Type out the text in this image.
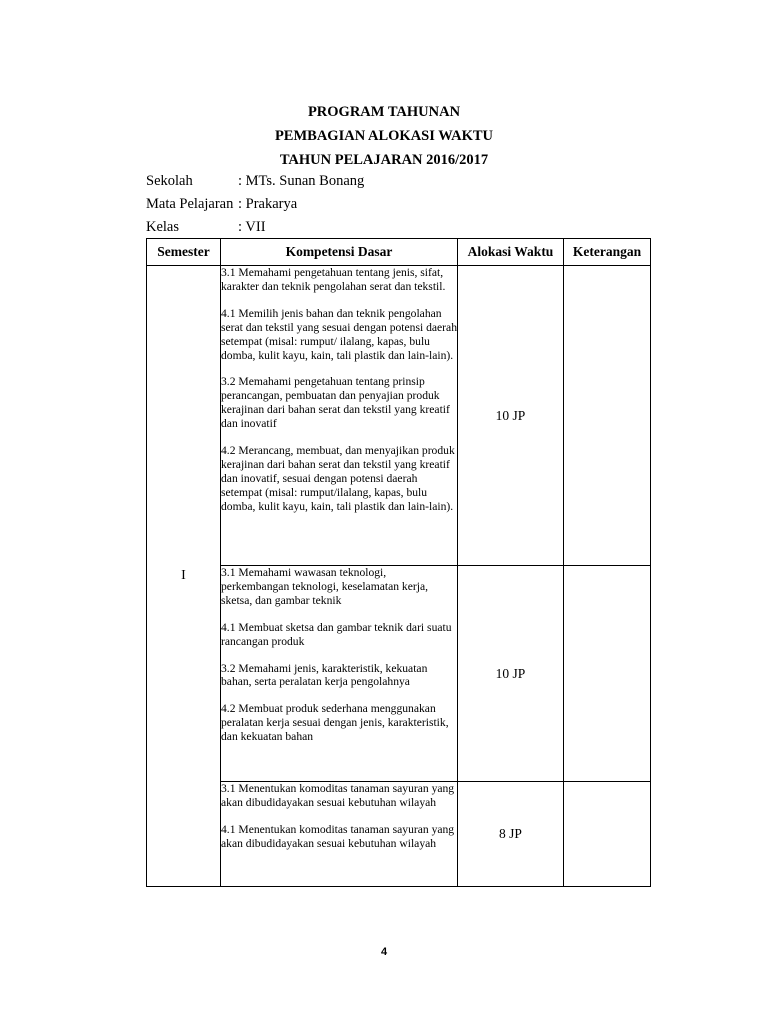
PROGRAM TAHUNAN
PEMBAGIAN ALOKASI WAKTU
TAHUN PELAJARAN 2016/2017
Sekolah	: MTs. Sunan Bonang
Mata Pelajaran : Prakarya
Kelas	: VII
Semester	Kompetensi Dasar	Alokasi Waktu	Keterangan
I	3.1 Memahami pengetahuan tentang jenis, sifat, karakter dan teknik pengolahan serat dan tekstil.

4.1 Memilih jenis bahan dan teknik pengolahan serat dan tekstil yang sesuai dengan potensi daerah setempat (misal: rumput/ ilalang, kapas, bulu domba, kulit kayu, kain, tali plastik dan lain-lain).

3.2 Memahami pengetahuan tentang prinsip perancangan, pembuatan dan penyajian produk kerajinan dari bahan serat dan tekstil yang kreatif dan inovatif

4.2 Merancang, membuat, dan menyajikan produk kerajinan dari bahan serat dan tekstil yang kreatif dan inovatif, sesuai dengan potensi daerah setempat (misal: rumput/ilalang, kapas, bulu domba, kulit kayu, kain, tali plastik dan lain-lain).	10 JP	

	3.1 Memahami wawasan teknologi, perkembangan teknologi, keselamatan kerja, sketsa, dan gambar teknik

4.1 Membuat sketsa dan gambar teknik dari suatu rancangan produk

3.2 Memahami jenis, karakteristik, kekuatan bahan, serta peralatan kerja pengolahnya

4.2 Membuat produk sederhana menggunakan peralatan kerja sesuai dengan jenis, karakteristik, dan kekuatan bahan	10 JP	

	3.1 Menentukan komoditas tanaman sayuran yang akan dibudidayakan sesuai kebutuhan wilayah

4.1 Menentukan komoditas tanaman sayuran yang akan dibudidayakan sesuai kebutuhan wilayah	8 JP	
4
